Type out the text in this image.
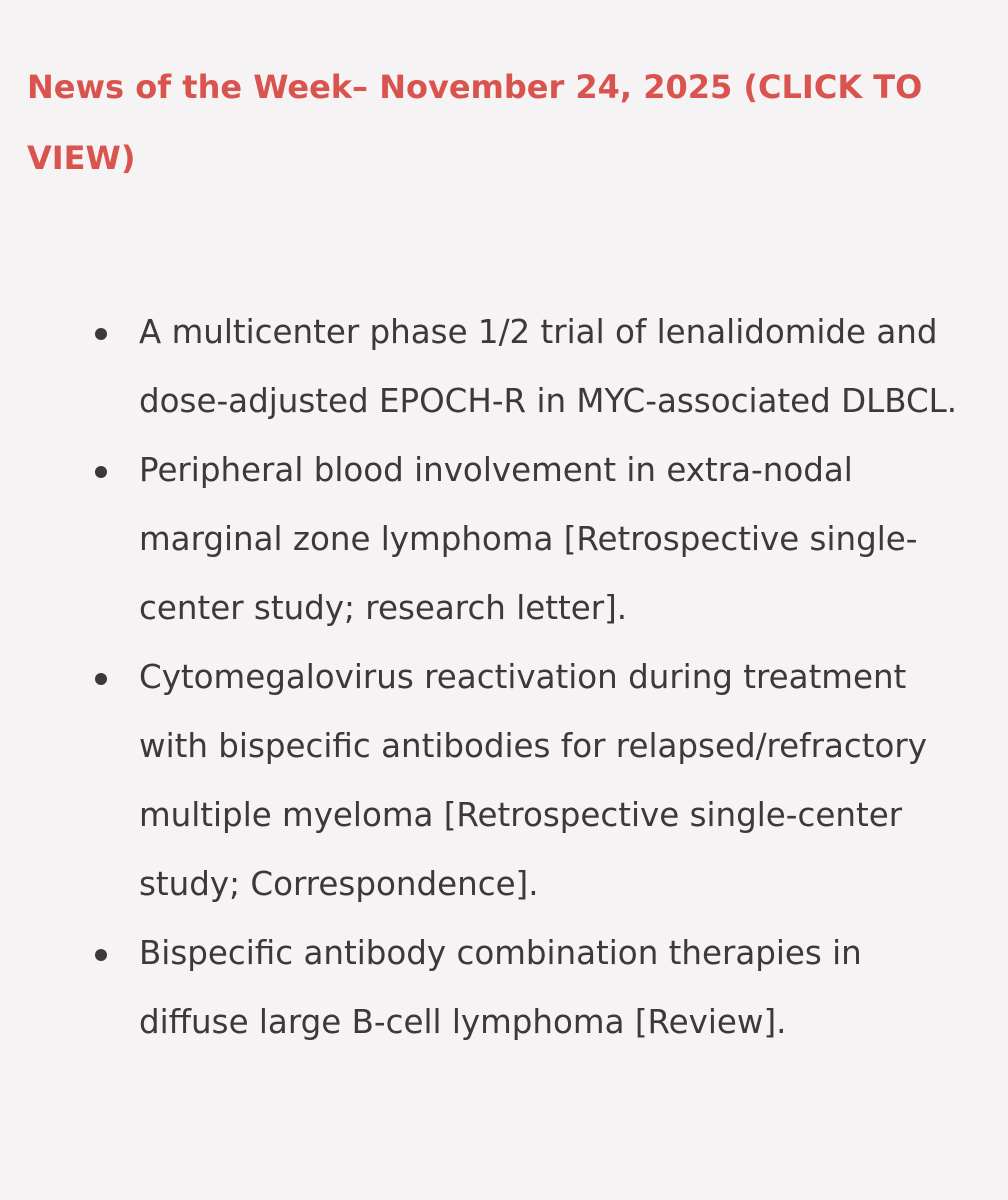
News of the Week– November 24, 2025 (CLICK TO VIEW)
A multicenter phase 1/2 trial of lenalidomide and dose-adjusted EPOCH-R in MYC-associated DLBCL.
Peripheral blood involvement in extra-nodal marginal zone lymphoma [Retrospective single-center study; research letter].
Cytomegalovirus reactivation during treatment with bispecific antibodies for relapsed/refractory multiple myeloma [Retrospective single-center study; Correspondence].
Bispecific antibody combination therapies in diffuse large B-cell lymphoma [Review].
